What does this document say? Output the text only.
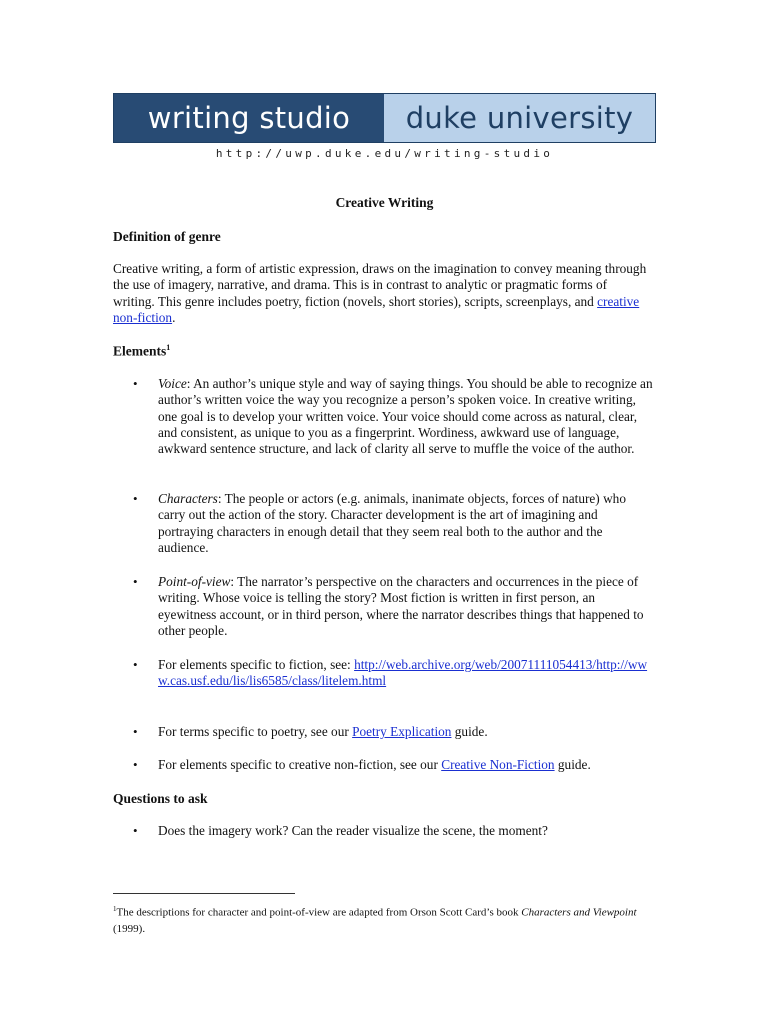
writing studio	duke university
http://uwp.duke.edu/writing-studio
Creative Writing
Definition of genre
Creative writing, a form of artistic expression, draws on the imagination to convey meaning through the use of imagery, narrative, and drama. This is in contrast to analytic or pragmatic forms of writing. This genre includes poetry, fiction (novels, short stories), scripts, screenplays, and creative non-fiction.
Elements$^1$
•	Voice: An author’s unique style and way of saying things. You should be able to recognize an author’s written voice the way you recognize a person’s spoken voice. In creative writing, one goal is to develop your written voice. Your voice should come across as natural, clear, and consistent, as unique to you as a fingerprint. Wordiness, awkward use of language, awkward sentence structure, and lack of clarity all serve to muffle the voice of the author.
•	Characters: The people or actors (e.g. animals, inanimate objects, forces of nature) who carry out the action of the story. Character development is the art of imagining and portraying characters in enough detail that they seem real both to the author and the audience.
•	Point-of-view: The narrator’s perspective on the characters and occurrences in the piece of writing. Whose voice is telling the story? Most fiction is written in first person, an eyewitness account, or in third person, where the narrator describes things that happened to other people.
•	For elements specific to fiction, see: http://web.archive.org/web/20071111054413/http://www.cas.usf.edu/lis/lis6585/class/litelem.html
•	For terms specific to poetry, see our Poetry Explication guide.
•	For elements specific to creative non-fiction, see our Creative Non-Fiction guide.
Questions to ask
•	Does the imagery work? Can the reader visualize the scene, the moment?
$^1$The descriptions for character and point-of-view are adapted from Orson Scott Card’s book Characters and Viewpoint (1999).
